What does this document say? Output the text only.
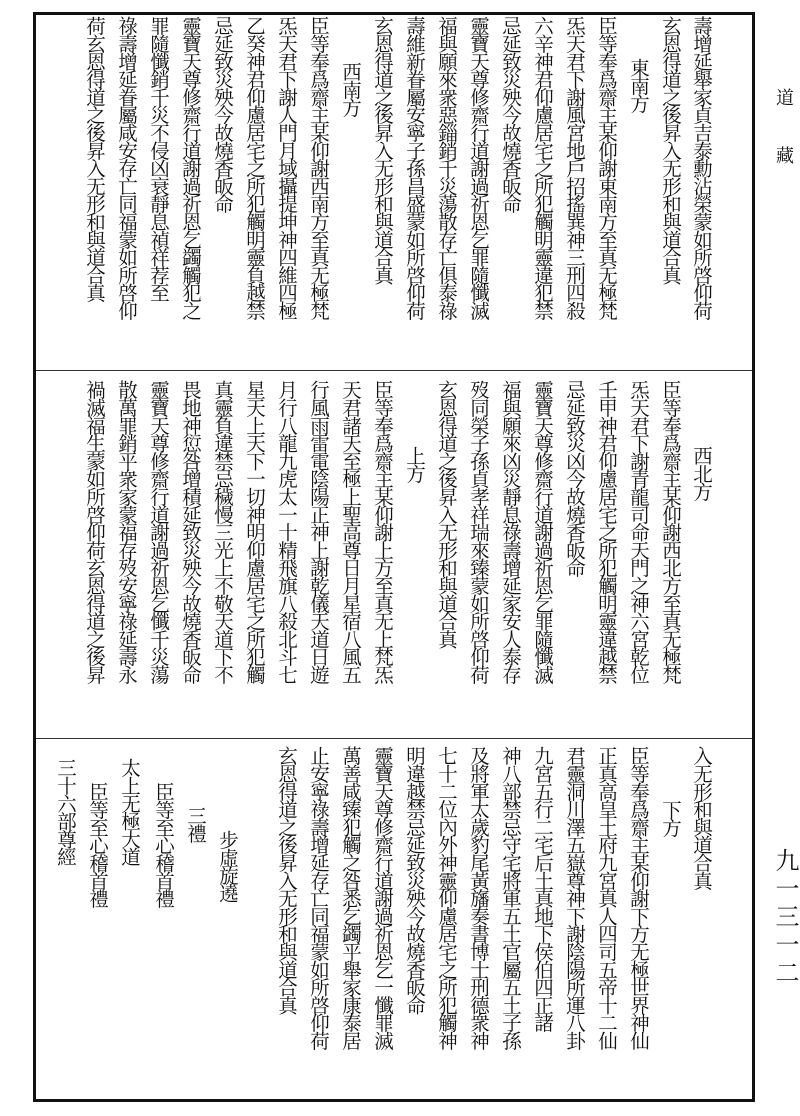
道藏
九一三一二
壽增延舉家貞吉泰勳沾榮蒙如所啓仰荷
玄恩得道之後昇入无形和與道合真
東南方
臣等奉爲齋主某仰謝東南方至真无極梵
炁天君下謝風宮地戶招搖巽神三刑四殺
六辛神君仰慮居宅之所犯觸明靈違犯禁
忌延致災殃今故燒香皈命
靈寶天尊修齋行道謝過祈恩乞罪隨懺滅
福與願來衆惡錙銷千災蕩散存亡俱泰祿
壽維新眷屬安寧子孫昌盛蒙如所啓仰荷
玄恩得道之後昇入无形和與道合真
西南方
臣等奉爲齋主某仰謝西南方至真无極梵
炁天君下謝人門月域攝提坤神四維四極
乙癸神君仰慮居宅之所犯觸明靈負越禁
忌延致災殃今故燒香皈命
靈寶天尊修齋行道謝過祈恩乞蠲觸犯之
罪隨懺銷千災不侵凶衰靜息禎祥荐至
祿壽增延眷屬咸安存亡同福蒙如所啓仰
荷玄恩得道之後昇入无形和與道合真
西北方
臣等奉爲齋主某仰謝西北方至真无極梵
炁天君下謝青龍司命天門之神六宮乾位
壬甲神君仰慮居宅之所犯觸明靈違越禁
忌延致災凶今故燒香皈命
靈寶天尊修齋行道謝過祈恩乞罪隨懺滅
福與願來凶災靜息祿壽增延家安人泰存
歿同榮子孫貞孝祥瑞來臻蒙如所啓仰荷
玄恩得道之後昇入无形和與道合真
上方
臣等奉爲齋主某仰謝上方至真无上梵炁
天君諸天至極上聖高尊日月星宿八風五
行風雨雷電陰陽正神上謝乾儀天道日遊
月行八龍九虎太一十精飛旗八殺北斗七
星天上天下一切神明仰慮居宅之所犯觸
真靈負違禁忌穢慢三光上不敬天道下不
畏地神愆咎增積延致災殃今故燒香皈命
靈寶天尊修齋行道謝過祈恩乞懺千災蕩
散萬罪銷平衆家蒙福存歿安寧祿延壽永
禍滅福生蒙如所啓仰荷玄恩得道之後昇
入无形和與道合真
下方
臣等奉爲齋主某仰謝下方无極世界神仙
正真高皇土府九宮真人四司五帝十二仙
君靈洞川澤五嶽尊神下謝陰陽所運八卦
九宮五行二宅后土真地下侯伯四正諸
神八部禁忌守宅將軍五土官屬五土子孫
及將軍太歲豹尾黃旛奏書博士刑德衆神
七十二位內外神靈仰慮居宅之所犯觸神
明違越禁忌延致災殃今故燒香皈命
靈寶天尊修齋行道謝過祈恩乞一懺罪滅
萬善咸臻犯觸之咎悉乞蠲平舉家康泰居
止安寧祿壽增延存亡同福蒙如所啓仰荷
玄恩得道之後昇入无形和與道合真
步虛旋遶
三禮
臣等至心稽首禮
太上无極大道
臣等至心稽首禮
三十六部尊經
